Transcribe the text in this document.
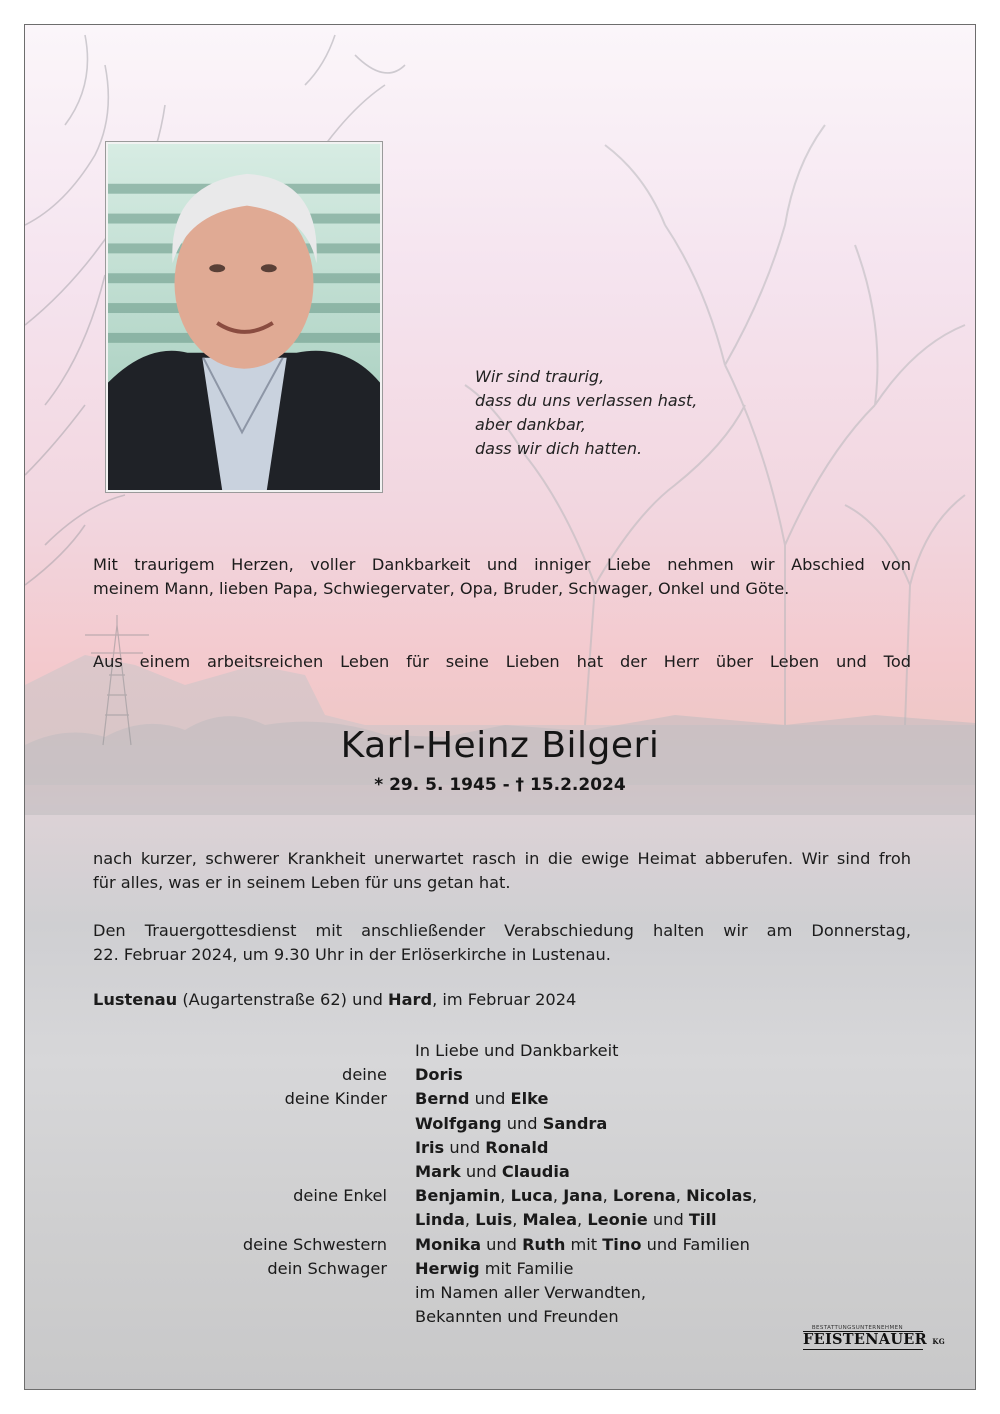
Wir sind traurig,
dass du uns verlassen hast,
aber dankbar,
dass wir dich hatten.
Mit traurigem Herzen, voller Dankbarkeit und inniger Liebe nehmen wir Abschied von
meinem Mann, lieben Papa, Schwiegervater, Opa, Bruder, Schwager, Onkel und Göte.
Aus einem arbeitsreichen Leben für seine Lieben hat der Herr über Leben und Tod
Karl-Heinz Bilgeri
* 29. 5. 1945 - † 15.2.2024
nach kurzer, schwerer Krankheit unerwartet rasch in die ewige Heimat abberufen. Wir sind froh
für alles, was er in seinem Leben für uns getan hat.
Den Trauergottesdienst mit anschließender Verabschiedung halten wir am Donnerstag,
22. Februar 2024, um 9.30 Uhr in der Erlöserkirche in Lustenau.
Lustenau (Augartenstraße 62) und Hard, im Februar 2024
In Liebe und Dankbarkeit
deine Doris
deine Kinder Bernd und Elke
Wolfgang und Sandra
Iris und Ronald
Mark und Claudia
deine Enkel Benjamin, Luca, Jana, Lorena, Nicolas,
Linda, Luis, Malea, Leonie und Till
deine Schwestern Monika und Ruth mit Tino und Familien
dein Schwager Herwig mit Familie
im Namen aller Verwandten,
Bekannten und Freunden
BESTATTUNGSUNTERNEHMEN
FEISTENAUER KG
